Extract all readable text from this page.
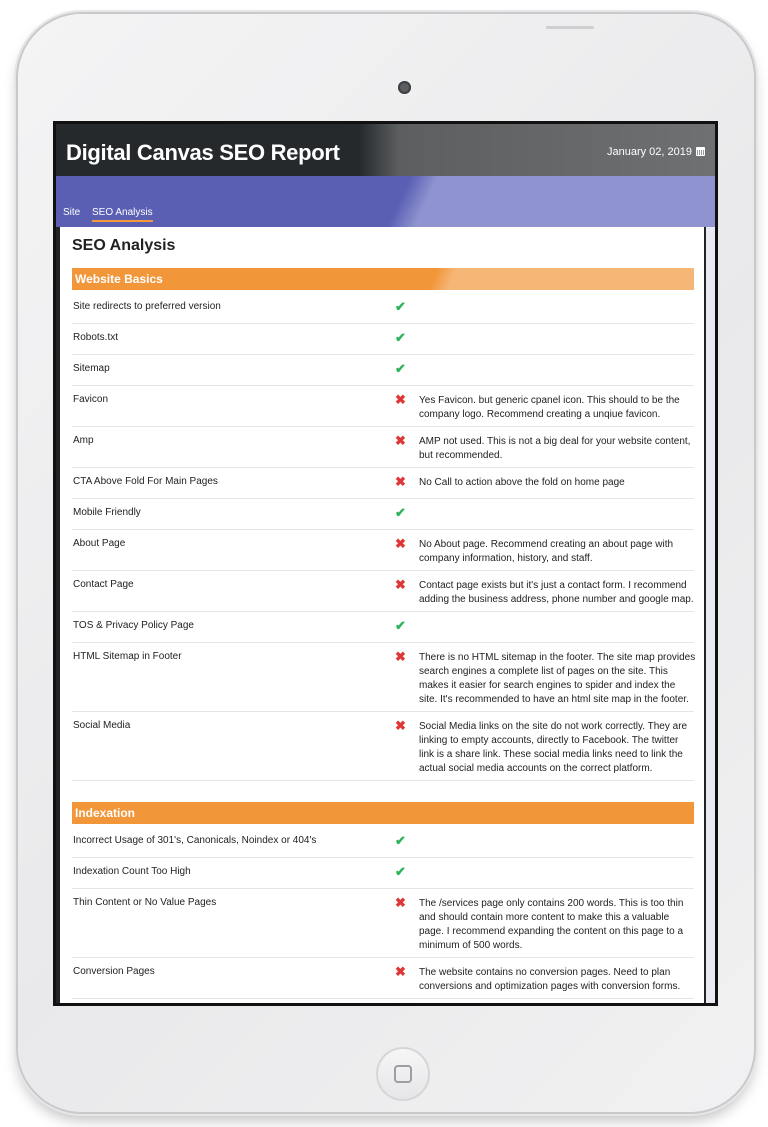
Digital Canvas SEO Report	January 02, 2019
Site SEO Analysis
SEO Analysis
Website Basics
Site redirects to preferred version	✔
Robots.txt	✔
Sitemap	✔
Favicon	✖ Yes Favicon. but generic cpanel icon. This should to be the company logo. Recommend creating a unqiue favicon.
Amp	✖ AMP not used. This is not a big deal for your website content, but recommended.
CTA Above Fold For Main Pages	✖ No Call to action above the fold on home page
Mobile Friendly	✔
About Page	✖ No About page. Recommend creating an about page with company information, history, and staff.
Contact Page	✖ Contact page exists but it's just a contact form. I recommend adding the business address, phone number and google map.
TOS & Privacy Policy Page	✔
HTML Sitemap in Footer	✖ There is no HTML sitemap in the footer. The site map provides search engines a complete list of pages on the site. This makes it easier for search engines to spider and index the site. It's recommended to have an html site map in the footer.
Social Media	✖ Social Media links on the site do not work correctly. They are linking to empty accounts, directly to Facebook. The twitter link is a share link. These social media links need to link the actual social media accounts on the correct platform.
Indexation
Incorrect Usage of 301's, Canonicals, Noindex or 404's	✔
Indexation Count Too High	✔
Thin Content or No Value Pages	✖ The /services page only contains 200 words. This is too thin and should contain more content to make this a valuable page. I recommend expanding the content on this page to a minimum of 500 words.
Conversion Pages	✖ The website contains no conversion pages. Need to plan conversions and optimization pages with conversion forms.
